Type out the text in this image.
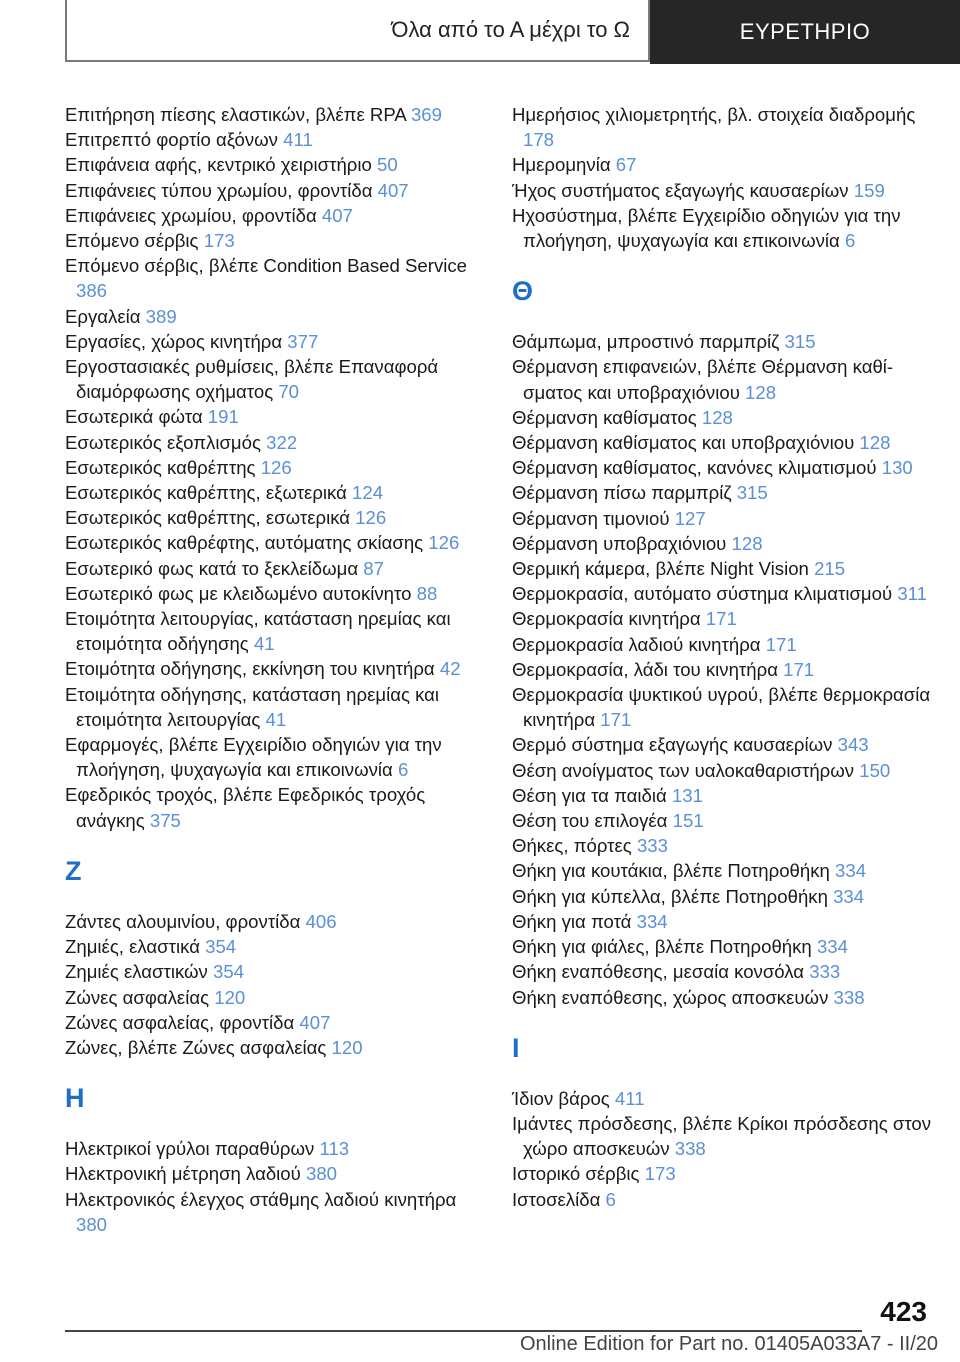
Όλα από το Α μέχρι το Ω	ΕΥΡΕΤΗΡΙΟ
Επιτήρηση πίεσης ελαστικών, βλέπε RPA 369
Επιτρεπτό φορτίο αξόνων 411
Επιφάνεια αφής, κεντρικό χειριστήριο 50
Επιφάνειες τύπου χρωμίου, φροντίδα 407
Επιφάνειες χρωμίου, φροντίδα 407
Επόμενο σέρβις 173
Επόμενο σέρβις, βλέπε Condition Based Service 386
Εργαλεία 389
Εργασίες, χώρος κινητήρα 377
Εργοστασιακές ρυθμίσεις, βλέπε Επαναφορά διαμόρφωσης οχήματος 70
Εσωτερικά φώτα 191
Εσωτερικός εξοπλισμός 322
Εσωτερικός καθρέπτης 126
Εσωτερικός καθρέπτης, εξωτερικά 124
Εσωτερικός καθρέπτης, εσωτερικά 126
Εσωτερικός καθρέφτης, αυτόματης σκίασης 126
Εσωτερικό φως κατά το ξεκλείδωμα 87
Εσωτερικό φως με κλειδωμένο αυτοκίνητο 88
Ετοιμότητα λειτουργίας, κατάσταση ηρεμίας και ετοιμότητα οδήγησης 41
Ετοιμότητα οδήγησης, εκκίνηση του κινητήρα 42
Ετοιμότητα οδήγησης, κατάσταση ηρεμίας και ετοιμότητα λειτουργίας 41
Εφαρμογές, βλέπε Εγχειρίδιο οδηγιών για την πλοήγηση, ψυχαγωγία και επικοινωνία 6
Εφεδρικός τροχός, βλέπε Εφεδρικός τροχός ανάγκης 375
Ζ
Ζάντες αλουμινίου, φροντίδα 406
Ζημιές, ελαστικά 354
Ζημιές ελαστικών 354
Ζώνες ασφαλείας 120
Ζώνες ασφαλείας, φροντίδα 407
Ζώνες, βλέπε Ζώνες ασφαλείας 120
Η
Ηλεκτρικοί γρύλοι παραθύρων 113
Ηλεκτρονική μέτρηση λαδιού 380
Ηλεκτρονικός έλεγχος στάθμης λαδιού κινητήρα 380
Ημερήσιος χιλιομετρητής, βλ. στοιχεία διαδρομής 178
Ημερομηνία 67
Ήχος συστήματος εξαγωγής καυσαερίων 159
Ηχοσύστημα, βλέπε Εγχειρίδιο οδηγιών για την πλοήγηση, ψυχαγωγία και επικοινωνία 6
Θ
Θάμπωμα, μπροστινό παρμπρίζ 315
Θέρμανση επιφανειών, βλέπε Θέρμανση καθίσματος και υποβραχιόνιου 128
Θέρμανση καθίσματος 128
Θέρμανση καθίσματος και υποβραχιόνιου 128
Θέρμανση καθίσματος, κανόνες κλιματισμού 130
Θέρμανση πίσω παρμπρίζ 315
Θέρμανση τιμονιού 127
Θέρμανση υποβραχιόνιου 128
Θερμική κάμερα, βλέπε Night Vision 215
Θερμοκρασία, αυτόματο σύστημα κλιματισμού 311
Θερμοκρασία κινητήρα 171
Θερμοκρασία λαδιού κινητήρα 171
Θερμοκρασία, λάδι του κινητήρα 171
Θερμοκρασία ψυκτικού υγρού, βλέπε θερμοκρασία κινητήρα 171
Θερμό σύστημα εξαγωγής καυσαερίων 343
Θέση ανοίγματος των υαλοκαθαριστήρων 150
Θέση για τα παιδιά 131
Θέση του επιλογέα 151
Θήκες, πόρτες 333
Θήκη για κουτάκια, βλέπε Ποτηροθήκη 334
Θήκη για κύπελλα, βλέπε Ποτηροθήκη 334
Θήκη για ποτά 334
Θήκη για φιάλες, βλέπε Ποτηροθήκη 334
Θήκη εναπόθεσης, μεσαία κονσόλα 333
Θήκη εναπόθεσης, χώρος αποσκευών 338
Ι
Ίδιον βάρος 411
Ιμάντες πρόσδεσης, βλέπε Κρίκοι πρόσδεσης στον χώρο αποσκευών 338
Ιστορικό σέρβις 173
Ιστοσελίδα 6
423
Online Edition for Part no. 01405A033A7 - II/20
